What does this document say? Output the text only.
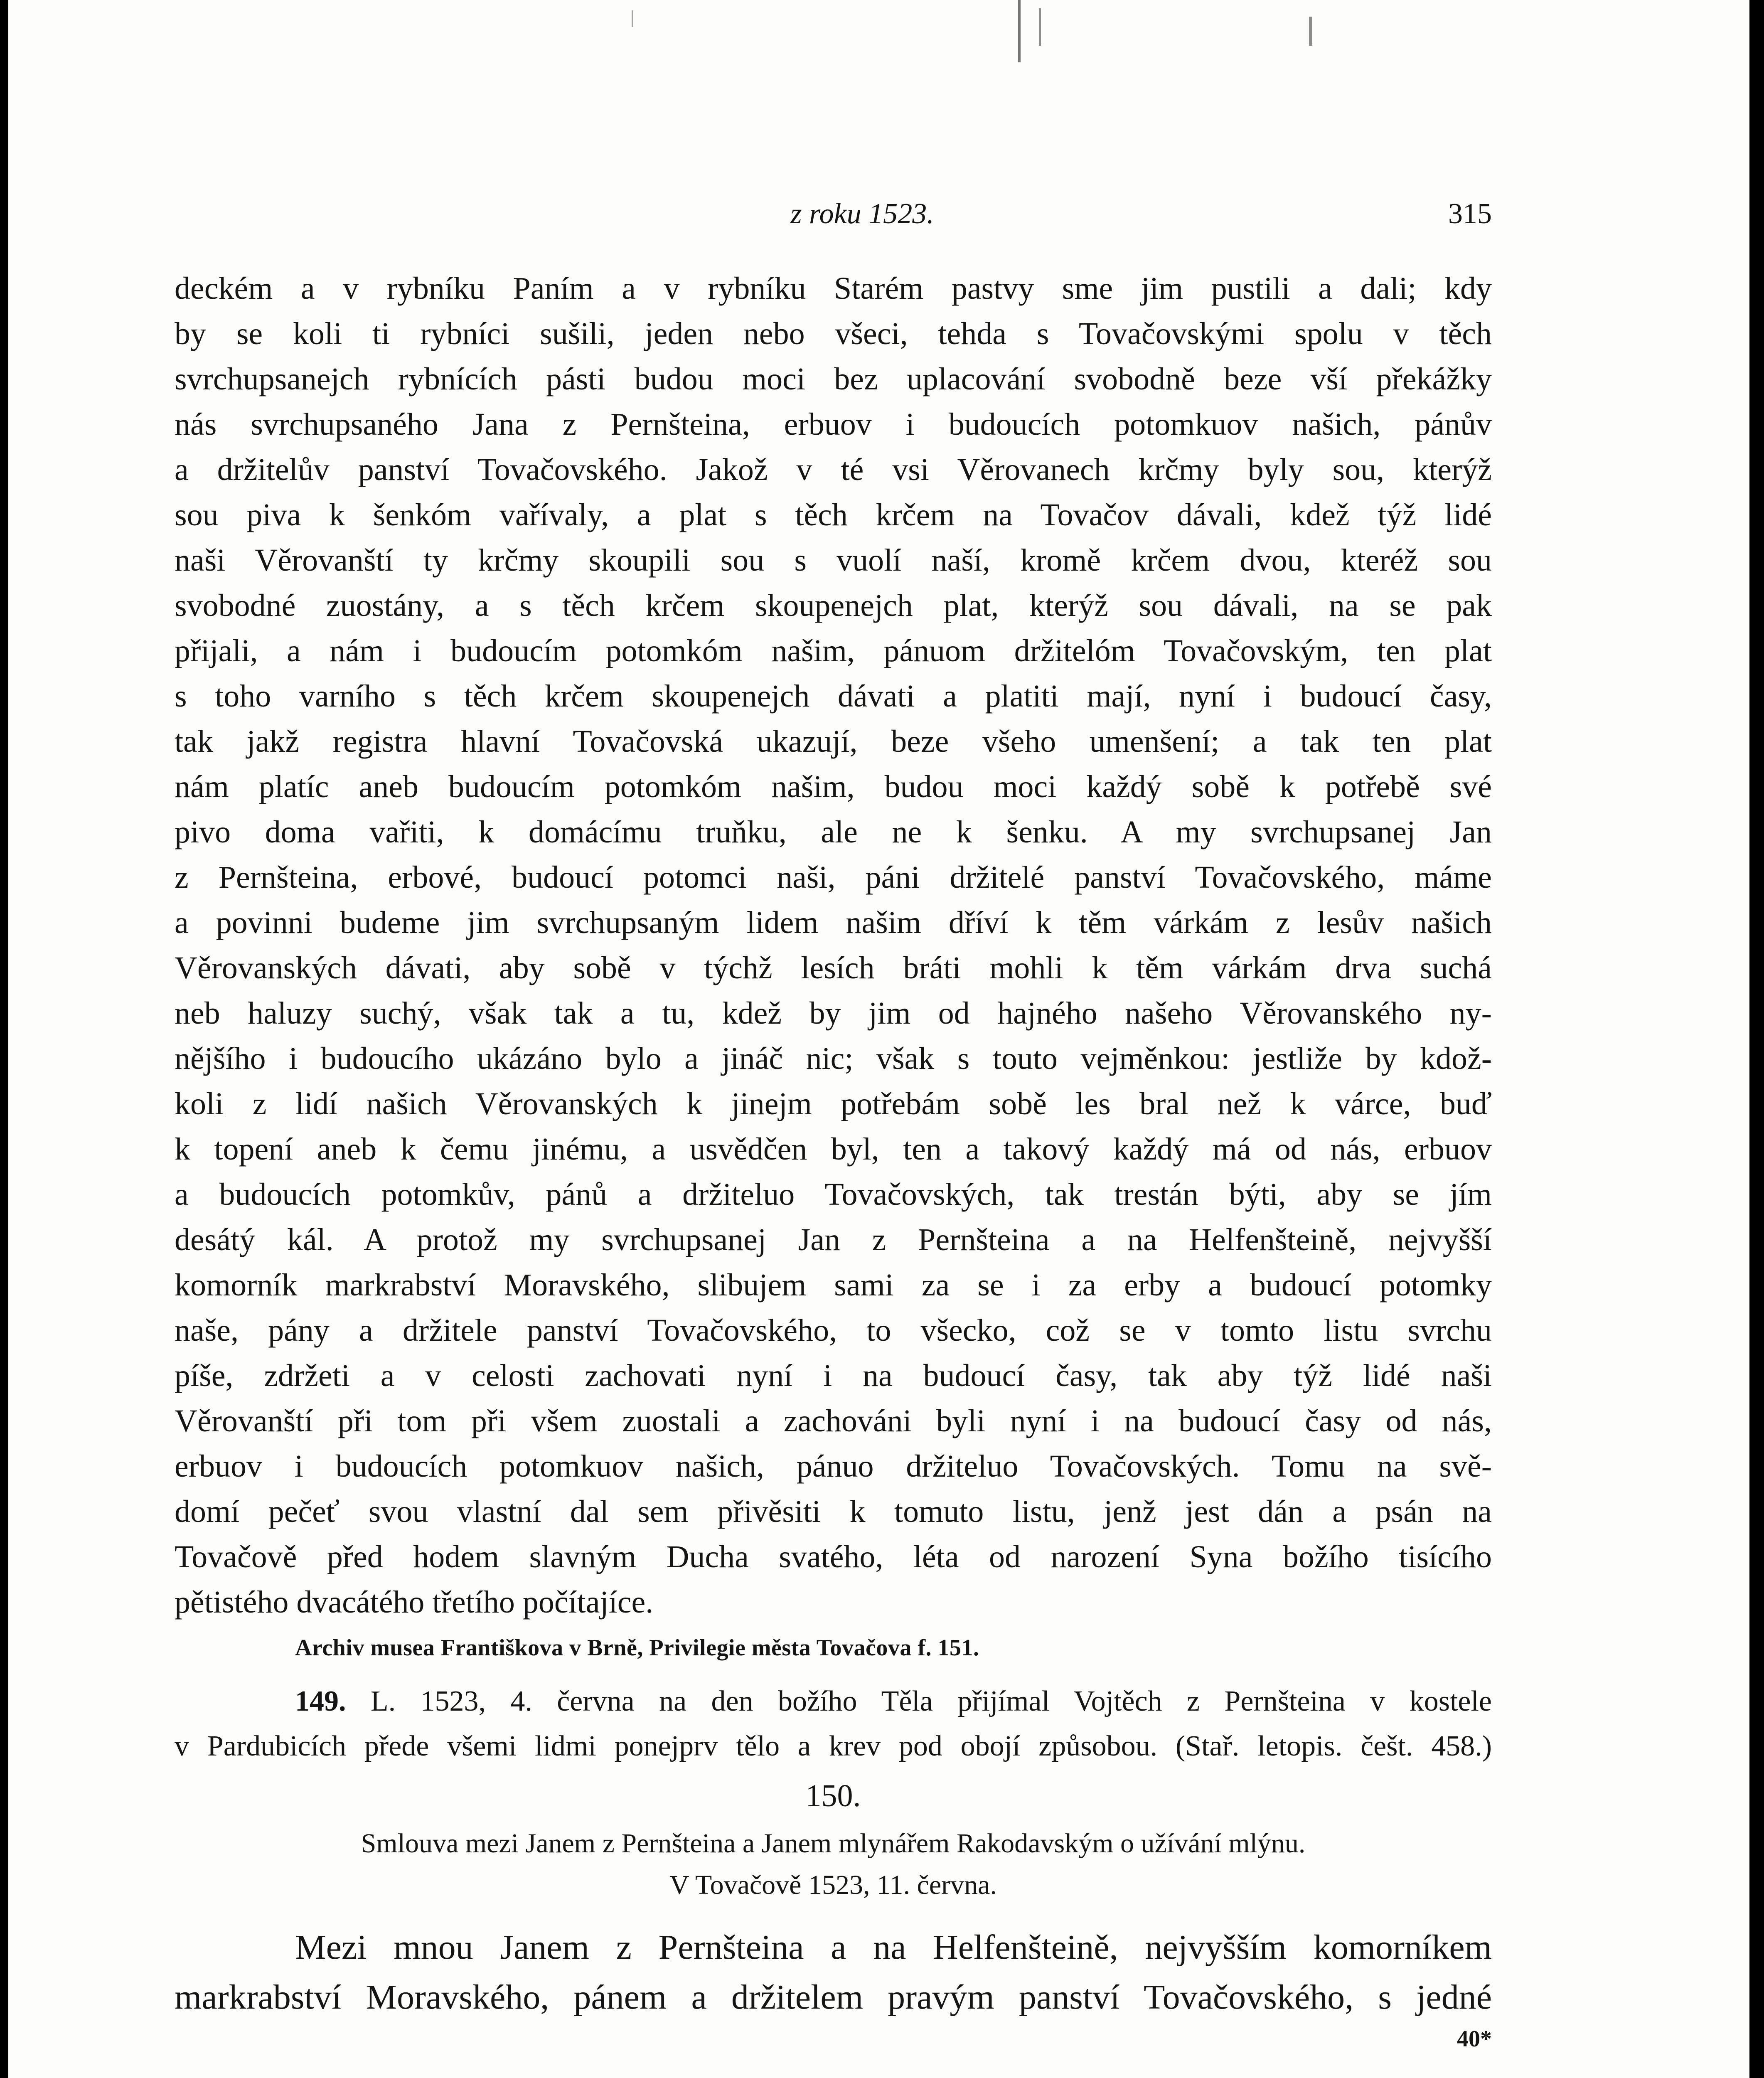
z roku 1523.	315
deckém a v rybníku Paním a v rybníku Starém pastvy sme jim pustili a dali; kdy
by se koli ti rybníci sušili, jeden nebo všeci, tehda s Tovačovskými spolu v těch
svrchupsanejch rybnících pásti budou moci bez uplacování svobodně beze vší překážky
nás svrchupsaného Jana z Pernšteina, erbuov i budoucích potomkuov našich, pánův
a držitelův panství Tovačovského. Jakož v té vsi Věrovanech krčmy byly sou, kterýž
sou piva k šenkóm vařívaly, a plat s těch krčem na Tovačov dávali, kdež týž lidé
naši Věrovanští ty krčmy skoupili sou s vuolí naší, kromě krčem dvou, kteréž sou
svobodné zuostány, a s těch krčem skoupenejch plat, kterýž sou dávali, na se pak
přijali, a nám i budoucím potomkóm našim, pánuom držitelóm Tovačovským, ten plat
s toho varního s těch krčem skoupenejch dávati a platiti mají, nyní i budoucí časy,
tak jakž registra hlavní Tovačovská ukazují, beze všeho umenšení; a tak ten plat
nám platíc aneb budoucím potomkóm našim, budou moci každý sobě k potřebě své
pivo doma vařiti, k domácímu truňku, ale ne k šenku. A my svrchupsanej Jan
z Pernšteina, erbové, budoucí potomci naši, páni držitelé panství Tovačovského, máme
a povinni budeme jim svrchupsaným lidem našim dříví k těm várkám z lesův našich
Věrovanských dávati, aby sobě v týchž lesích bráti mohli k těm várkám drva suchá
neb haluzy suchý, však tak a tu, kdež by jim od hajného našeho Věrovanského ny-
nějšího i budoucího ukázáno bylo a jináč nic; však s touto vejměnkou: jestliže by kdož-
koli z lidí našich Věrovanských k jinejm potřebám sobě les bral než k várce, buď
k topení aneb k čemu jinému, a usvědčen byl, ten a takový každý má od nás, erbuov
a budoucích potomkův, pánů a držiteluo Tovačovských, tak trestán býti, aby se jím
desátý kál. A protož my svrchupsanej Jan z Pernšteina a na Helfenšteině, nejvyšší
komorník markrabství Moravského, slibujem sami za se i za erby a budoucí potomky
naše, pány a držitele panství Tovačovského, to všecko, což se v tomto listu svrchu
píše, zdržeti a v celosti zachovati nyní i na budoucí časy, tak aby týž lidé naši
Věrovanští při tom při všem zuostali a zachováni byli nyní i na budoucí časy od nás,
erbuov i budoucích potomkuov našich, pánuo držiteluo Tovačovských. Tomu na svě-
domí pečeť svou vlastní dal sem přivěsiti k tomuto listu, jenž jest dán a psán na
Tovačově před hodem slavným Ducha svatého, léta od narození Syna božího tisícího
pětistého dvacátého třetího počítajíce.
Archiv musea Františkova v Brně, Privilegie města Tovačova f. 151.
149. L. 1523, 4. června na den božího Těla přijímal Vojtěch z Pernšteina v kostele
v Pardubicích přede všemi lidmi ponejprv tělo a krev pod obojí způsobou. (Stař. letopis. češt. 458.)
150.
Smlouva mezi Janem z Pernšteina a Janem mlynářem Rakodavským o užívání mlýnu.
V Tovačově 1523, 11. června.
Mezi mnou Janem z Pernšteina a na Helfenšteině, nejvyšším komorníkem
markrabství Moravského, pánem a držitelem pravým panství Tovačovského, s jedné
40*
